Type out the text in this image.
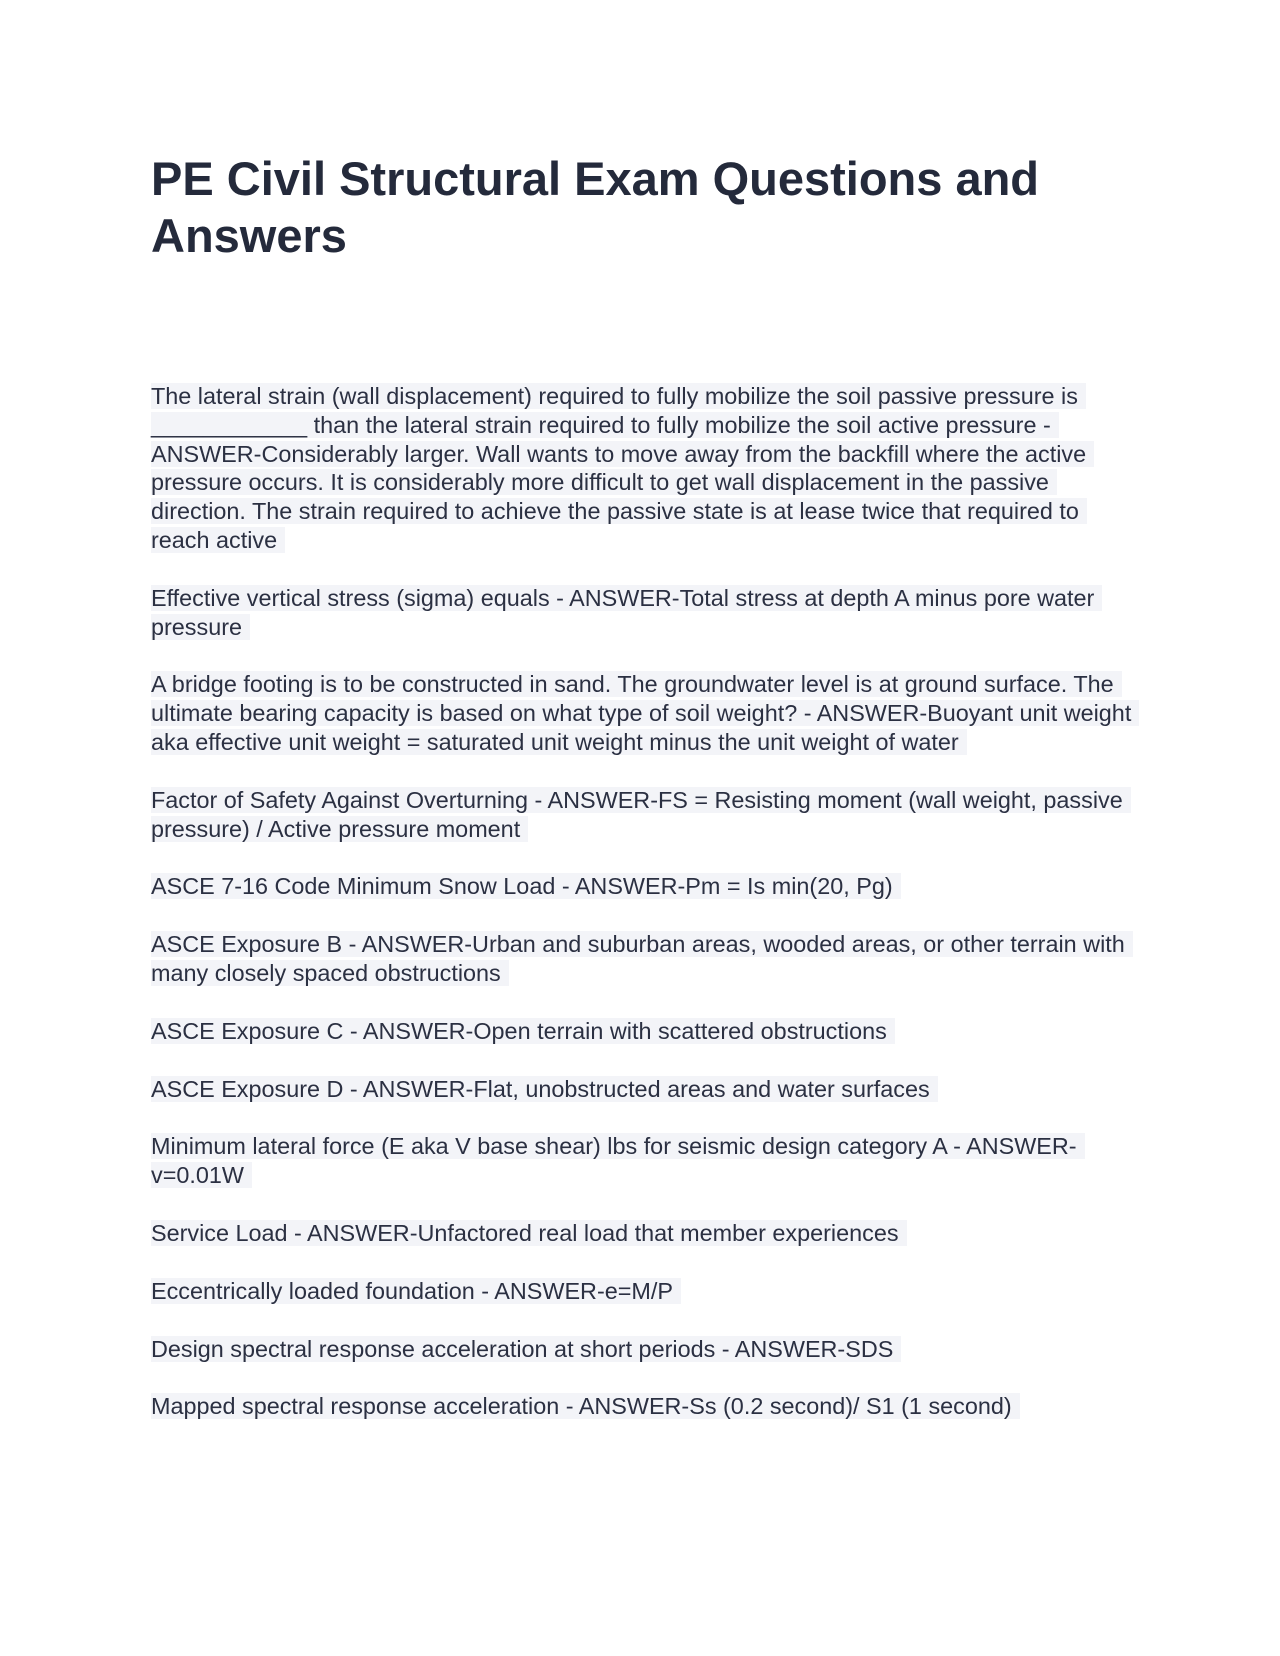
PE Civil Structural Exam Questions and Answers

The lateral strain (wall displacement) required to fully mobilize the soil passive pressure is ____________ than the lateral strain required to fully mobilize the soil active pressure - ANSWER-Considerably larger. Wall wants to move away from the backfill where the active pressure occurs. It is considerably more difficult to get wall displacement in the passive direction. The strain required to achieve the passive state is at lease twice that required to reach active

Effective vertical stress (sigma) equals - ANSWER-Total stress at depth A minus pore water pressure

A bridge footing is to be constructed in sand. The groundwater level is at ground surface. The ultimate bearing capacity is based on what type of soil weight? - ANSWER-Buoyant unit weight aka effective unit weight = saturated unit weight minus the unit weight of water

Factor of Safety Against Overturning - ANSWER-FS = Resisting moment (wall weight, passive pressure) / Active pressure moment

ASCE 7-16 Code Minimum Snow Load - ANSWER-Pm = Is min(20, Pg)

ASCE Exposure B - ANSWER-Urban and suburban areas, wooded areas, or other terrain with many closely spaced obstructions

ASCE Exposure C - ANSWER-Open terrain with scattered obstructions

ASCE Exposure D - ANSWER-Flat, unobstructed areas and water surfaces

Minimum lateral force (E aka V base shear) lbs for seismic design category A - ANSWER-v=0.01W

Service Load - ANSWER-Unfactored real load that member experiences

Eccentrically loaded foundation - ANSWER-e=M/P

Design spectral response acceleration at short periods - ANSWER-SDS

Mapped spectral response acceleration - ANSWER-Ss (0.2 second)/ S1 (1 second)
